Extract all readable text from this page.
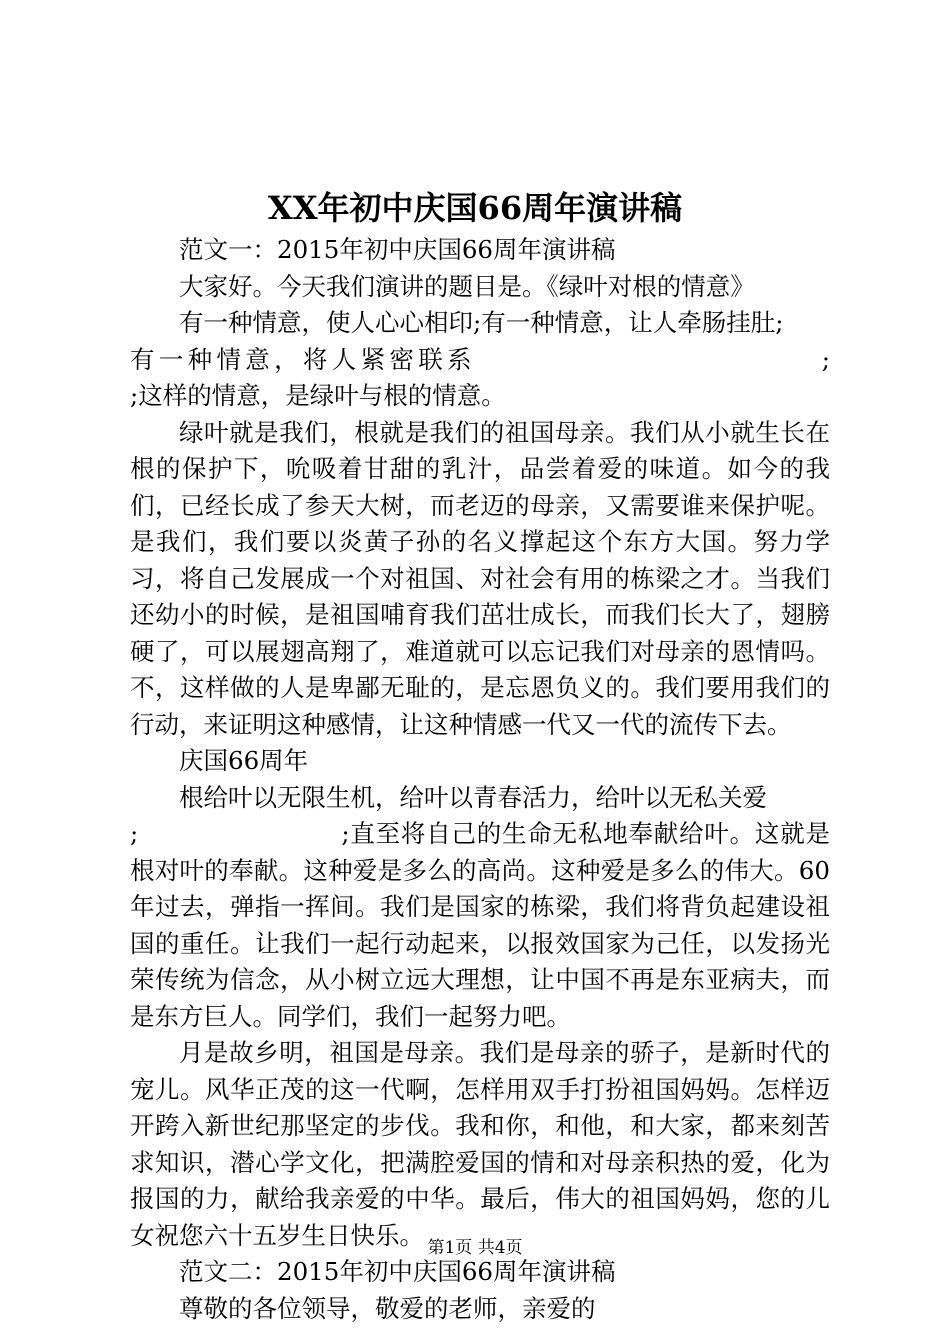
XX年初中庆国66周年演讲稿

范文一：2015年初中庆国66周年演讲稿

大家好。今天我们演讲的题目是。《绿叶对根的情意》

有一种情意，使人心心相印;有一种情意，让人牵肠挂肚;

有一种情意，将人紧密联系　　　　　　　　　　　　;

;这样的情意，是绿叶与根的情意。

绿叶就是我们，根就是我们的祖国母亲。我们从小就生长在根的保护下，吮吸着甘甜的乳汁，品尝着爱的味道。如今的我们，已经长成了参天大树，而老迈的母亲，又需要谁来保护呢。是我们，我们要以炎黄子孙的名义撑起这个东方大国。努力学习，将自己发展成一个对祖国、对社会有用的栋梁之才。当我们还幼小的时候，是祖国哺育我们茁壮成长，而我们长大了，翅膀硬了，可以展翅高翔了，难道就可以忘记我们对母亲的恩情吗。不，这样做的人是卑鄙无耻的，是忘恩负义的。我们要用我们的行动，来证明这种感情，让这种情感一代又一代的流传下去。

庆国66周年

根给叶以无限生机，给叶以青春活力，给叶以无私关爱

;　　　　　　　　;直至将自己的生命无私地奉献给叶。这就是根对叶的奉献。这种爱是多么的高尚。这种爱是多么的伟大。60年过去，弹指一挥间。我们是国家的栋梁，我们将背负起建设祖国的重任。让我们一起行动起来，以报效国家为己任，以发扬光荣传统为信念，从小树立远大理想，让中国不再是东亚病夫，而是东方巨人。同学们，我们一起努力吧。

月是故乡明，祖国是母亲。我们是母亲的骄子，是新时代的宠儿。风华正茂的这一代啊，怎样用双手打扮祖国妈妈。怎样迈开跨入新世纪那坚定的步伐。我和你，和他，和大家，都来刻苦求知识，潜心学文化，把满腔爱国的情和对母亲积热的爱，化为报国的力，献给我亲爱的中华。最后，伟大的祖国妈妈，您的儿女祝您六十五岁生日快乐。

范文二：2015年初中庆国66周年演讲稿

尊敬的各位领导，敬爱的老师，亲爱的

第1页 共4页
